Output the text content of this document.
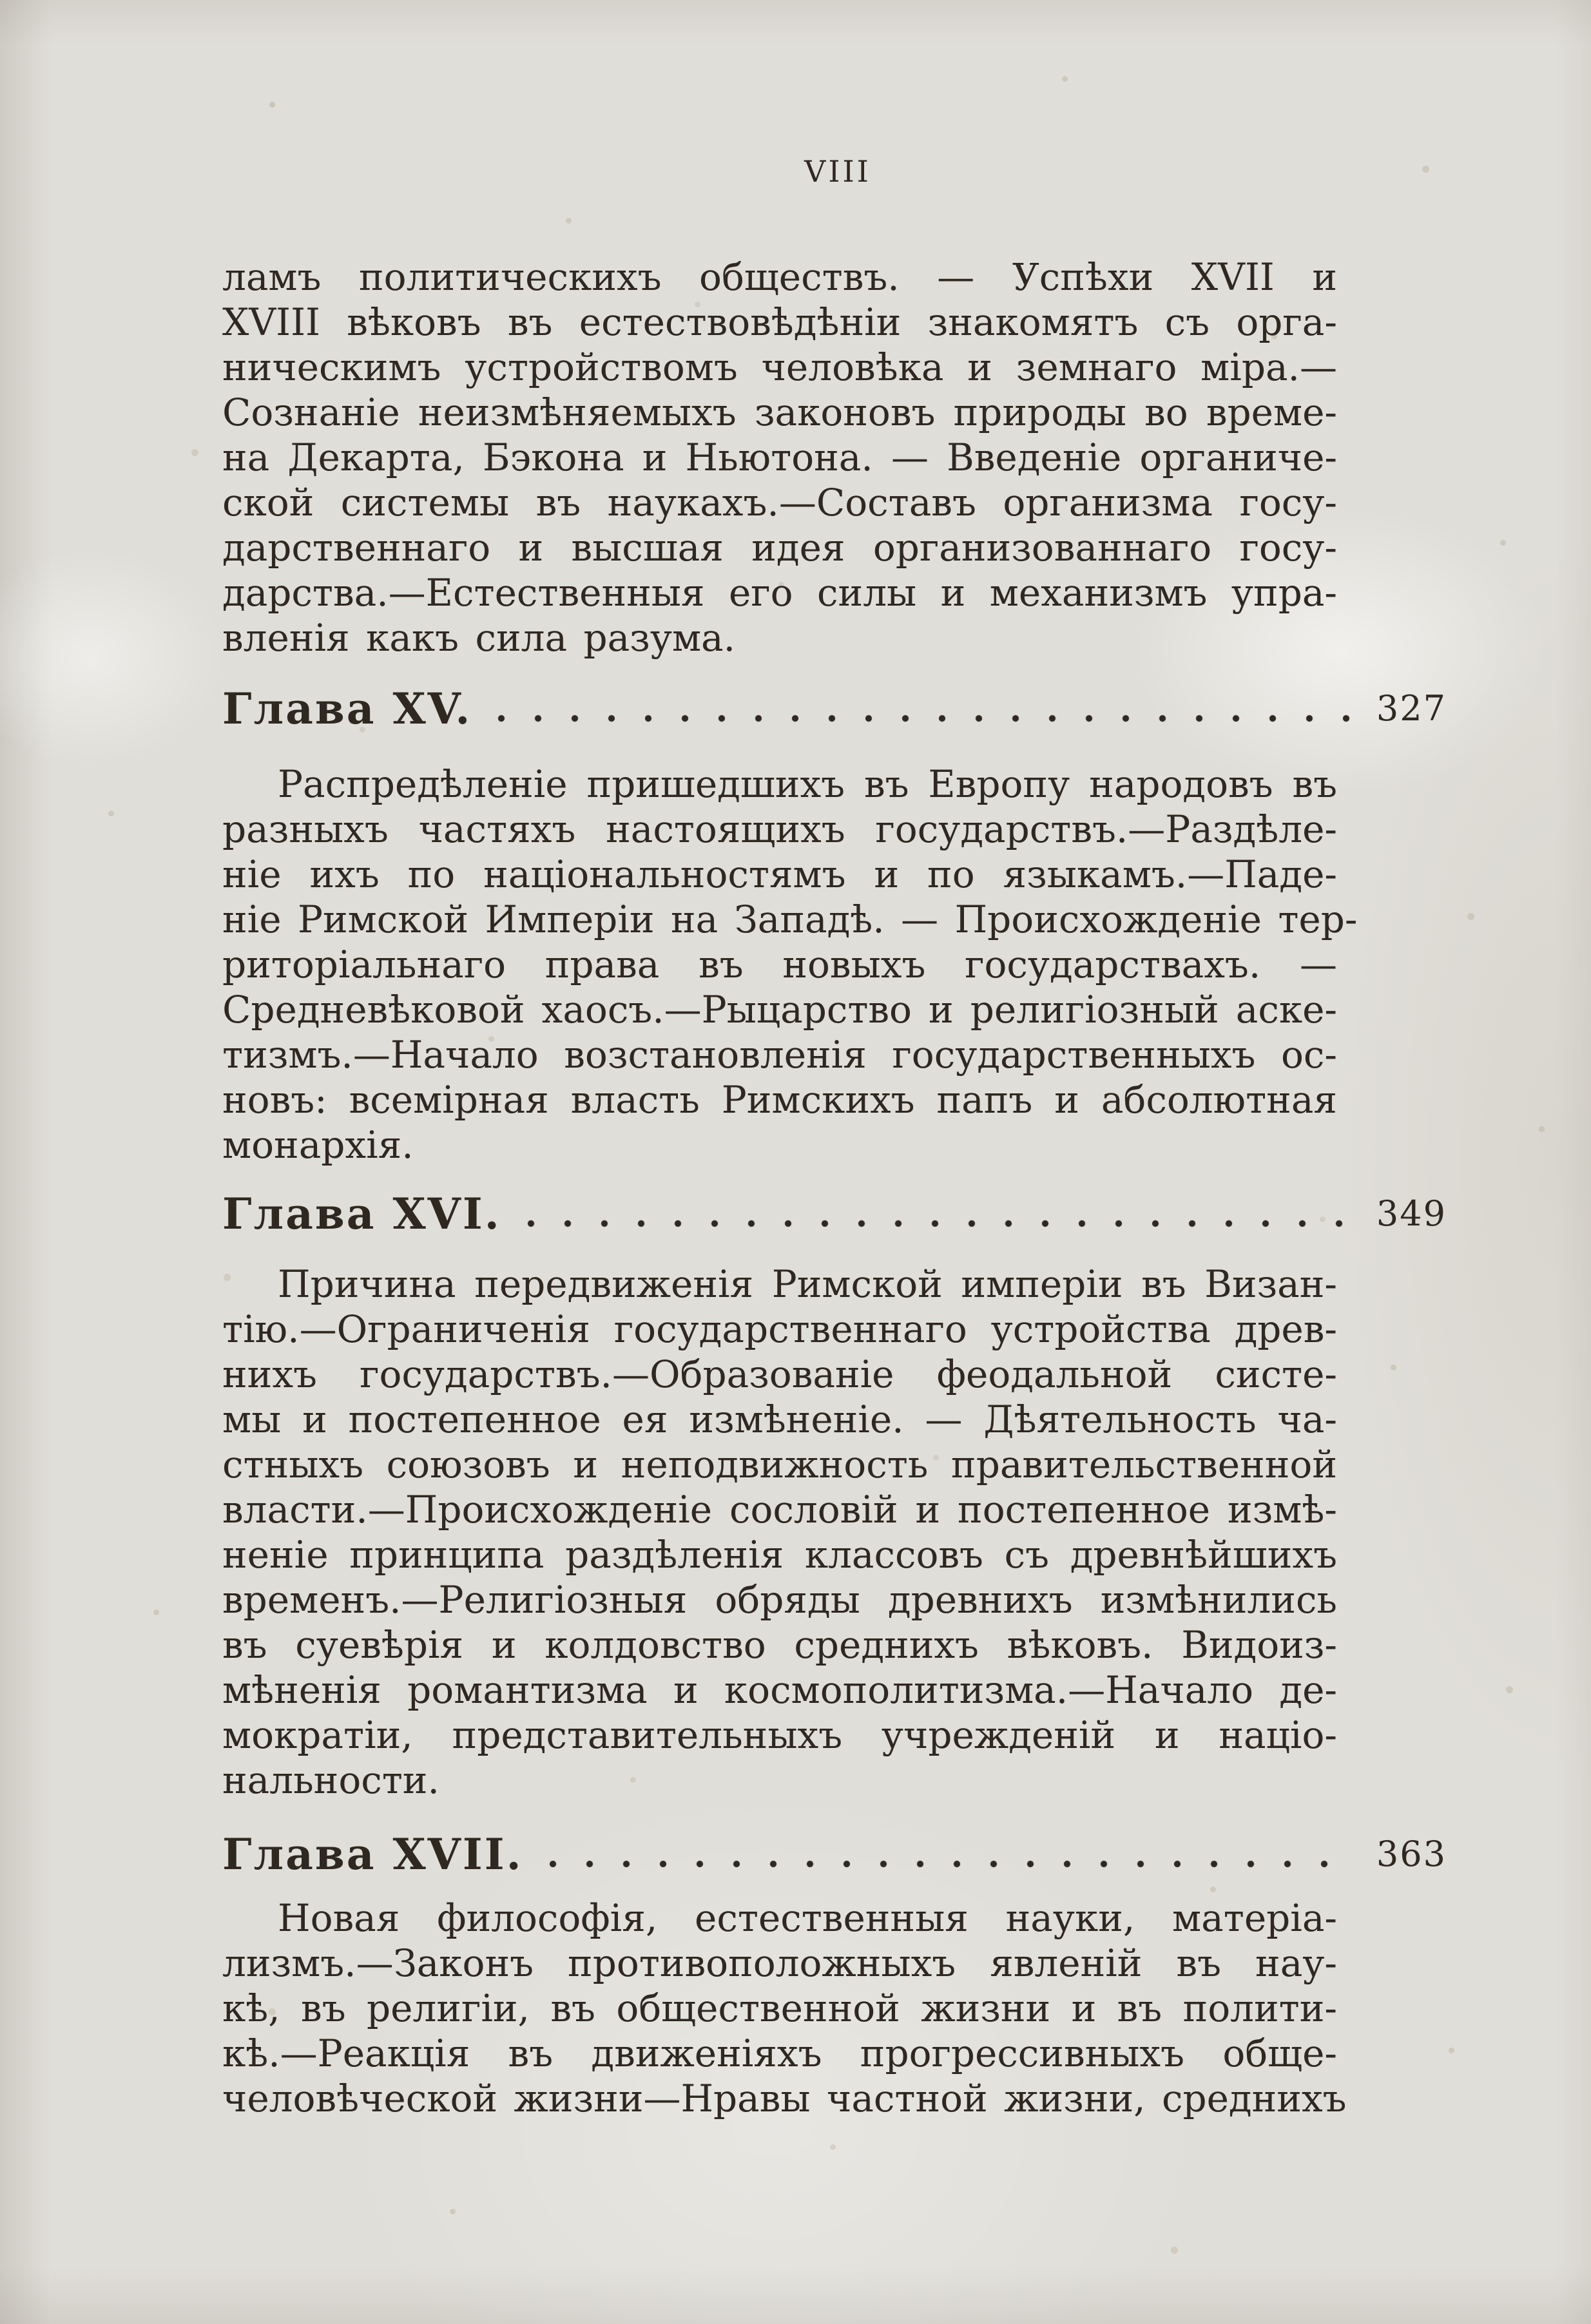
VIII
ламъ политическихъ обществъ. — Успѣхи XVII и
XVIII вѣковъ въ естествовѣдѣніи знакомятъ съ орга-
ническимъ устройствомъ человѣка и земнаго міра.—
Сознаніе неизмѣняемыхъ законовъ природы во време-
на Декарта, Бэкона и Ньютона. — Введеніе органиче-
ской системы въ наукахъ.—Составъ организма госу-
дарственнаго и высшая идея организованнаго госу-
дарства.—Естественныя его силы и механизмъ упра-
вленія какъ сила разума.
Глава XV.	327
Распредѣленіе пришедшихъ въ Европу народовъ въ
разныхъ частяхъ настоящихъ государствъ.—Раздѣле-
ніе ихъ по національностямъ и по языкамъ.—Паде-
ніе Римской Имперіи на Западѣ. — Происхожденіе тер-
риторіальнаго права въ новыхъ государствахъ. —
Средневѣковой хаосъ.—Рыцарство и религіозный аске-
тизмъ.—Начало возстановленія государственныхъ ос-
новъ: всемірная власть Римскихъ папъ и абсолютная
монархія.
Глава XVI.	349
Причина передвиженія Римской имперіи въ Визан-
тію.—Ограниченія государственнаго устройства древ-
нихъ государствъ.—Образованіе феодальной систе-
мы и постепенное ея измѣненіе. — Дѣятельность ча-
стныхъ союзовъ и неподвижность правительственной
власти.—Происхожденіе сословій и постепенное измѣ-
неніе принципа раздѣленія классовъ съ древнѣйшихъ
временъ.—Религіозныя обряды древнихъ измѣнились
въ суевѣрія и колдовство среднихъ вѣковъ. Видоиз-
мѣненія романтизма и космополитизма.—Начало де-
мократіи, представительныхъ учрежденій и націо-
нальности.
Глава XVII.	363
Новая философія, естественныя науки, матеріа-
лизмъ.—Законъ противоположныхъ явленій въ нау-
кѣ, въ религіи, въ общественной жизни и въ полити-
кѣ.—Реакція въ движеніяхъ прогрессивныхъ обще-
человѣческой жизни—Нравы частной жизни, среднихъ
